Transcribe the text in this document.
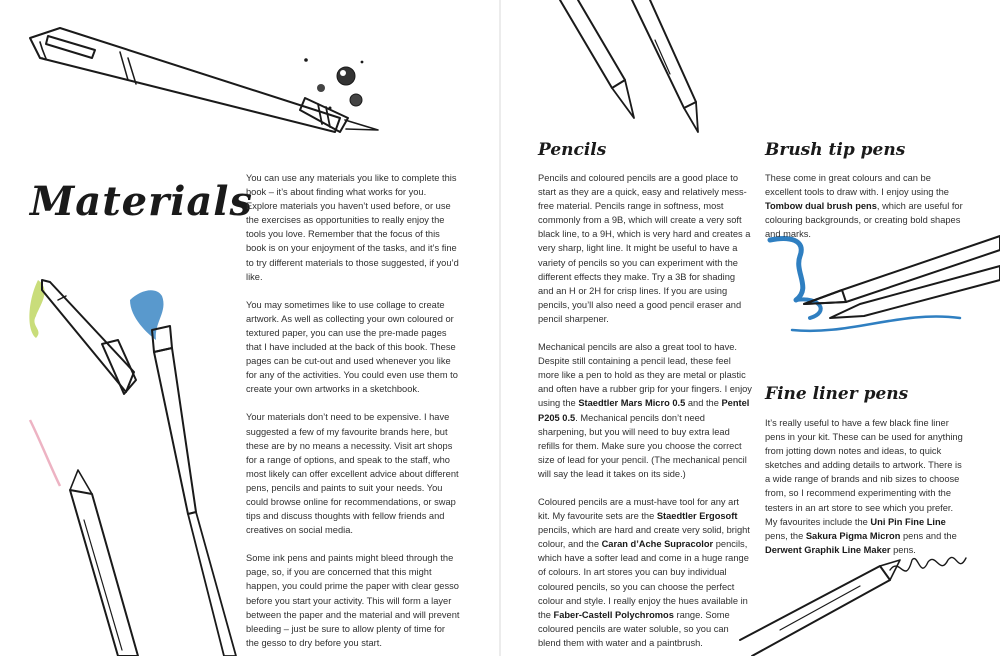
Materials

You can use any materials you like to complete this book – it’s about finding what works for you. Explore materials you haven’t used before, or use the exercises as opportunities to really enjoy the tools you love. Remember that the focus of this book is on your enjoyment of the tasks, and it’s fine to try different materials to those suggested, if you’d like.

You may sometimes like to use collage to create artwork. As well as collecting your own coloured or textured paper, you can use the pre-made pages that I have included at the back of this book. These pages can be cut-out and used whenever you like for any of the activities. You could even use them to create your own artworks in a sketchbook.

Your materials don’t need to be expensive. I have suggested a few of my favourite brands here, but these are by no means a necessity. Visit art shops for a range of options, and speak to the staff, who most likely can offer excellent advice about different pens, pencils and paints to suit your needs. You could browse online for recommendations, or swap tips and discuss thoughts with fellow friends and creatives on social media.

Some ink pens and paints might bleed through the page, so, if you are concerned that this might happen, you could prime the paper with clear gesso before you start your activity. This will form a layer between the paper and the material and will prevent bleeding – just be sure to allow plenty of time for the gesso to dry before you start.

Pencils

Pencils and coloured pencils are a good place to start as they are a quick, easy and relatively mess-free material. Pencils range in softness, most commonly from a 9B, which will create a very soft black line, to a 9H, which is very hard and creates a very sharp, light line. It might be useful to have a variety of pencils so you can experiment with the different effects they make. Try a 3B for shading and an H or 2H for crisp lines. If you are using pencils, you’ll also need a good pencil eraser and pencil sharpener.

Mechanical pencils are also a great tool to have. Despite still containing a pencil lead, these feel more like a pen to hold as they are metal or plastic and often have a rubber grip for your fingers. I enjoy using the Staedtler Mars Micro 0.5 and the Pentel P205 0.5. Mechanical pencils don’t need sharpening, but you will need to buy extra lead refills for them. Make sure you choose the correct size of lead for your pencil. (The mechanical pencil will say the lead it takes on its side.)

Coloured pencils are a must-have tool for any art kit. My favourite sets are the Staedtler Ergosoft pencils, which are hard and create very solid, bright colour, and the Caran d’Ache Supracolor pencils, which have a softer lead and come in a huge range of colours. In art stores you can buy individual coloured pencils, so you can choose the perfect colour and style. I really enjoy the hues available in the Faber-Castell Polychromos range. Some coloured pencils are water soluble, so you can blend them with water and a paintbrush.

Brush tip pens

These come in great colours and can be excellent tools to draw with. I enjoy using the Tombow dual brush pens, which are useful for colouring backgrounds, or creating bold shapes and marks.

Fine liner pens

It’s really useful to have a few black fine liner pens in your kit. These can be used for anything from jotting down notes and ideas, to quick sketches and adding details to artwork. There is a wide range of brands and nib sizes to choose from, so I recommend experimenting with the testers in an art store to see which you prefer. My favourites include the Uni Pin Fine Line pens, the Sakura Pigma Micron pens and the Derwent Graphik Line Maker pens.
